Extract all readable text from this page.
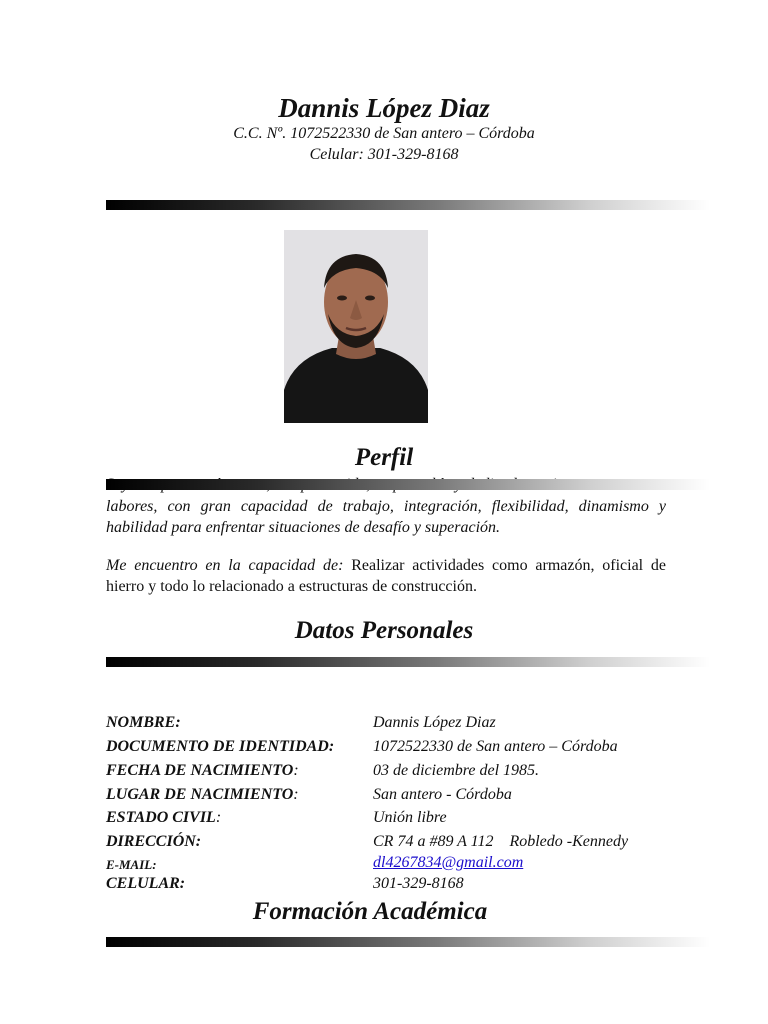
Dannis López Diaz
C.C. Nº. 1072522330 de San antero – Córdoba
Celular: 301-329-8168
Perfil
labores, con gran capacidad de trabajo, integración, flexibilidad, dinamismo y habilidad para enfrentar situaciones de desafío y superación.
Me encuentro en la capacidad de: Realizar actividades como armazón, oficial de hierro y todo lo relacionado a estructuras de construcción.
Datos Personales
NOMBRE:	Dannis López Diaz
DOCUMENTO DE IDENTIDAD: 1072522330 de San antero – Córdoba
FECHA DE NACIMIENTO:	03 de diciembre del 1985.
LUGAR DE NACIMIENTO:	San antero - Córdoba
ESTADO CIVIL:	Unión libre
DIRECCIÓN:	CR 74 a #89 A 112    Robledo -Kennedy
E-MAIL:	dl4267834@gmail.com
CELULAR:	301-329-8168
Formación Académica
